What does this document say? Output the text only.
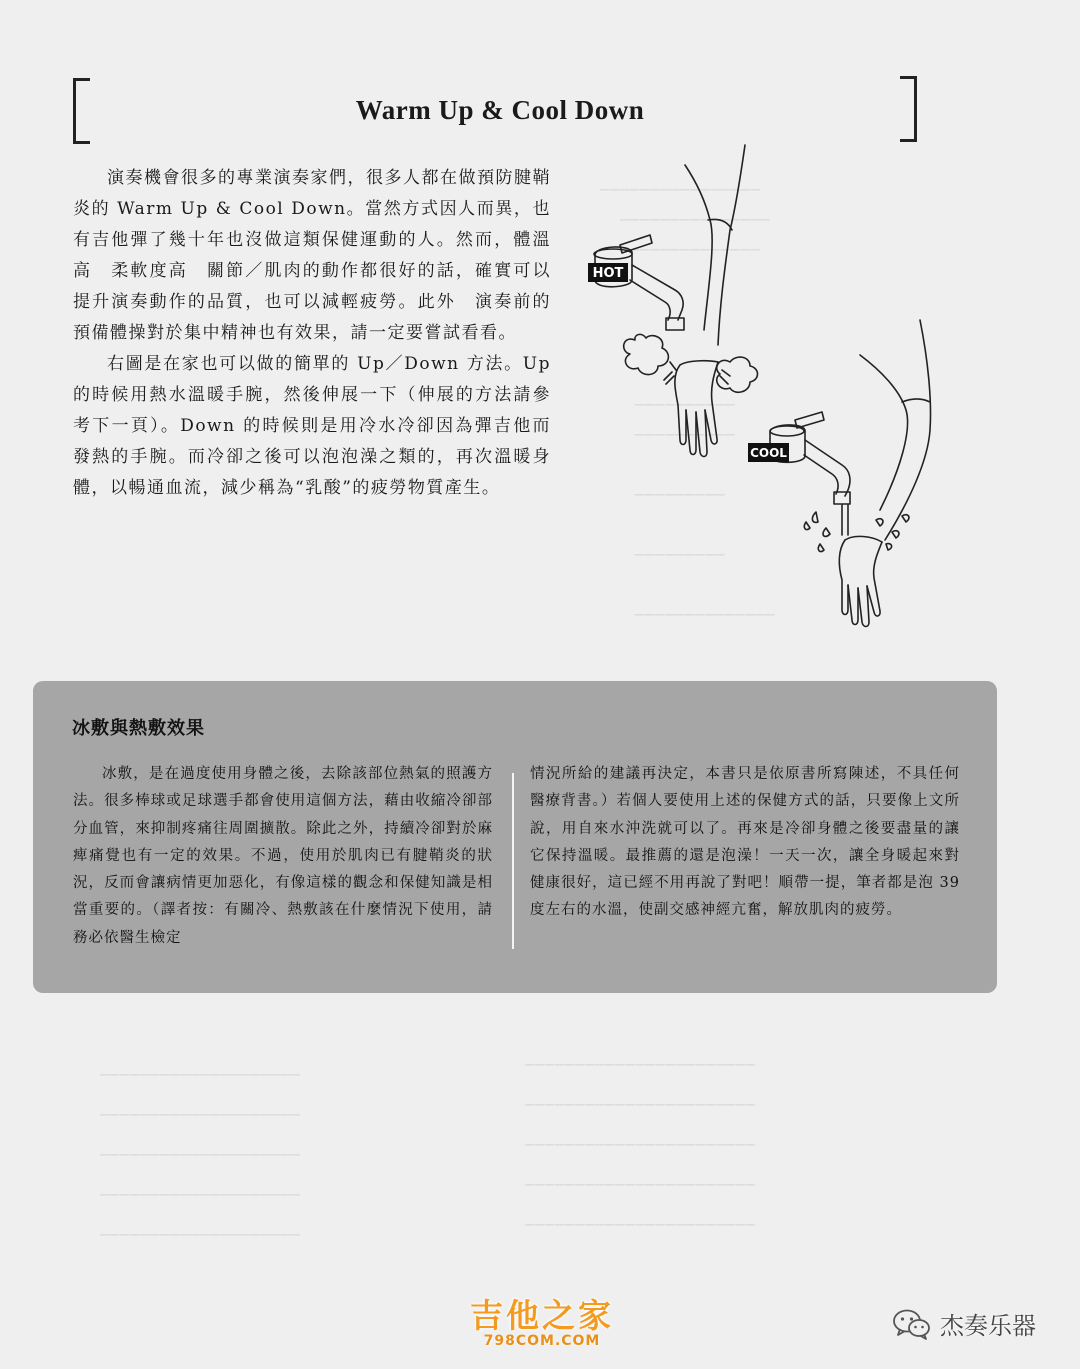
────────────────
───────────────
──────────────
──────────
──────────
─────────
─────────
──────────────
────────────────────
────────────────────
────────────────────
────────────────────
────────────────────
───────────────────────
───────────────────────
───────────────────────
───────────────────────
───────────────────────
Warm Up & Cool Down

演奏機會很多的專業演奏家們，很多人都在做預防腱鞘炎的 Warm Up & Cool Down。當然方式因人而異，也有吉他彈了幾十年也沒做這類保健運動的人。然而，體溫高　柔軟度高　關節／肌肉的動作都很好的話，確實可以提升演奏動作的品質，也可以減輕疲勞。此外　演奏前的預備體操對於集中精神也有效果，請一定要嘗試看看。

右圖是在家也可以做的簡單的 Up／Down 方法。Up 的時候用熱水溫暖手腕，然後伸展一下（伸展的方法請參考下一頁）。Down 的時候則是用冷水冷卻因為彈吉他而發熱的手腕。而冷卻之後可以泡泡澡之類的，再次溫暖身體，以暢通血流，減少稱為“乳酸”的疲勞物質產生。

HOT
COOL
冰敷與熱敷效果
冰敷，是在過度使用身體之後，去除該部位熱氣的照護方法。很多棒球或足球選手都會使用這個方法，藉由收縮冷卻部分血管，來抑制疼痛往周圍擴散。除此之外，持續冷卻對於麻痺痛覺也有一定的效果。不過，使用於肌肉已有腱鞘炎的狀況，反而會讓病情更加惡化，有像這樣的觀念和保健知識是相當重要的。（譯者按：有關冷、熱敷該在什麼情況下使用，請務必依醫生檢定
情況所給的建議再決定，本書只是依原書所寫陳述，不具任何醫療背書。）若個人要使用上述的保健方式的話，只要像上文所說，用自來水沖洗就可以了。再來是冷卻身體之後要盡量的讓它保持溫暖。最推薦的還是泡澡！一天一次，讓全身暖起來對健康很好，這已經不用再說了對吧！順帶一提，筆者都是泡 39 度左右的水溫，使副交感神經亢奮，解放肌肉的疲勞。
吉他之家
798COM.COM
杰奏乐器
